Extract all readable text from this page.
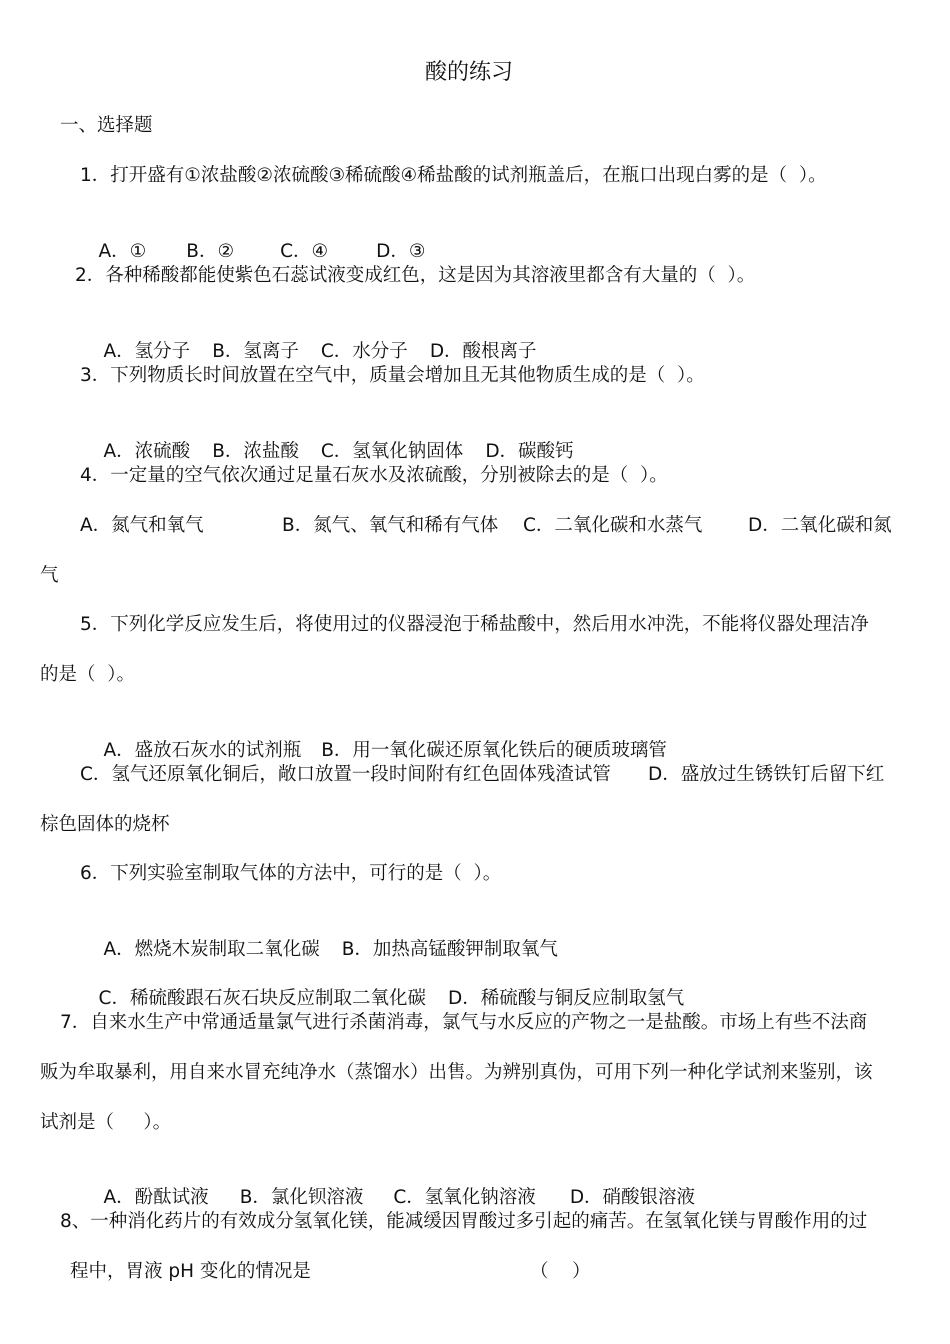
酸的练习
一、选择题
1．打开盛有①浓盐酸②浓硫酸③稀硫酸④稀盐酸的试剂瓶盖后，在瓶口出现白雾的是（  ）。

A．① B．② C．④	D．③

2．各种稀酸都能使紫色石蕊试液变成红色，这是因为其溶液里都含有大量的（  ）。

A．氢分子 B．氢离子 C．水分子 D．酸根离子

3．下列物质长时间放置在空气中，质量会增加且无其他物质生成的是（  ）。

A．浓硫酸 B．浓盐酸 C．氢氧化钠固体 D．碳酸钙

4．一定量的空气依次通过足量石灰水及浓硫酸，分别被除去的是（  ）。
A．氮气和氧气	B．氮气、氧气和稀有气体 C．二氧化碳和水蒸气 D．二氧化碳和氮
气
5．下列化学反应发生后，将使用过的仪器浸泡于稀盐酸中，然后用水冲洗，不能将仪器处理洁净
的是（  ）。

A．盛放石灰水的试剂瓶 B．用一氧化碳还原氧化铁后的硬质玻璃管

C．氢气还原氧化铜后，敞口放置一段时间附有红色固体残渣试管 D．盛放过生锈铁钉后留下红
棕色固体的烧杯
6．下列实验室制取气体的方法中，可行的是（  ）。

A．燃烧木炭制取二氧化碳 B．加热高锰酸钾制取氧气

C．稀硫酸跟石灰石块反应制取二氧化碳 D．稀硫酸与铜反应制取氢气

7．自来水生产中常通适量氯气进行杀菌消毒，氯气与水反应的产物之一是盐酸。市场上有些不法商
贩为牟取暴利，用自来水冒充纯净水（蒸馏水）出售。为辨别真伪，可用下列一种化学试剂来鉴别，该
试剂是（     ）。

A．酚酞试液 B．氯化钡溶液 C．氢氧化钠溶液 D．硝酸银溶液

8、一种消化药片的有效成分氢氧化镁，能减缓因胃酸过多引起的痛苦。在氢氧化镁与胃酸作用的过
程中，胃液 pH 变化的情况是	（    ）
